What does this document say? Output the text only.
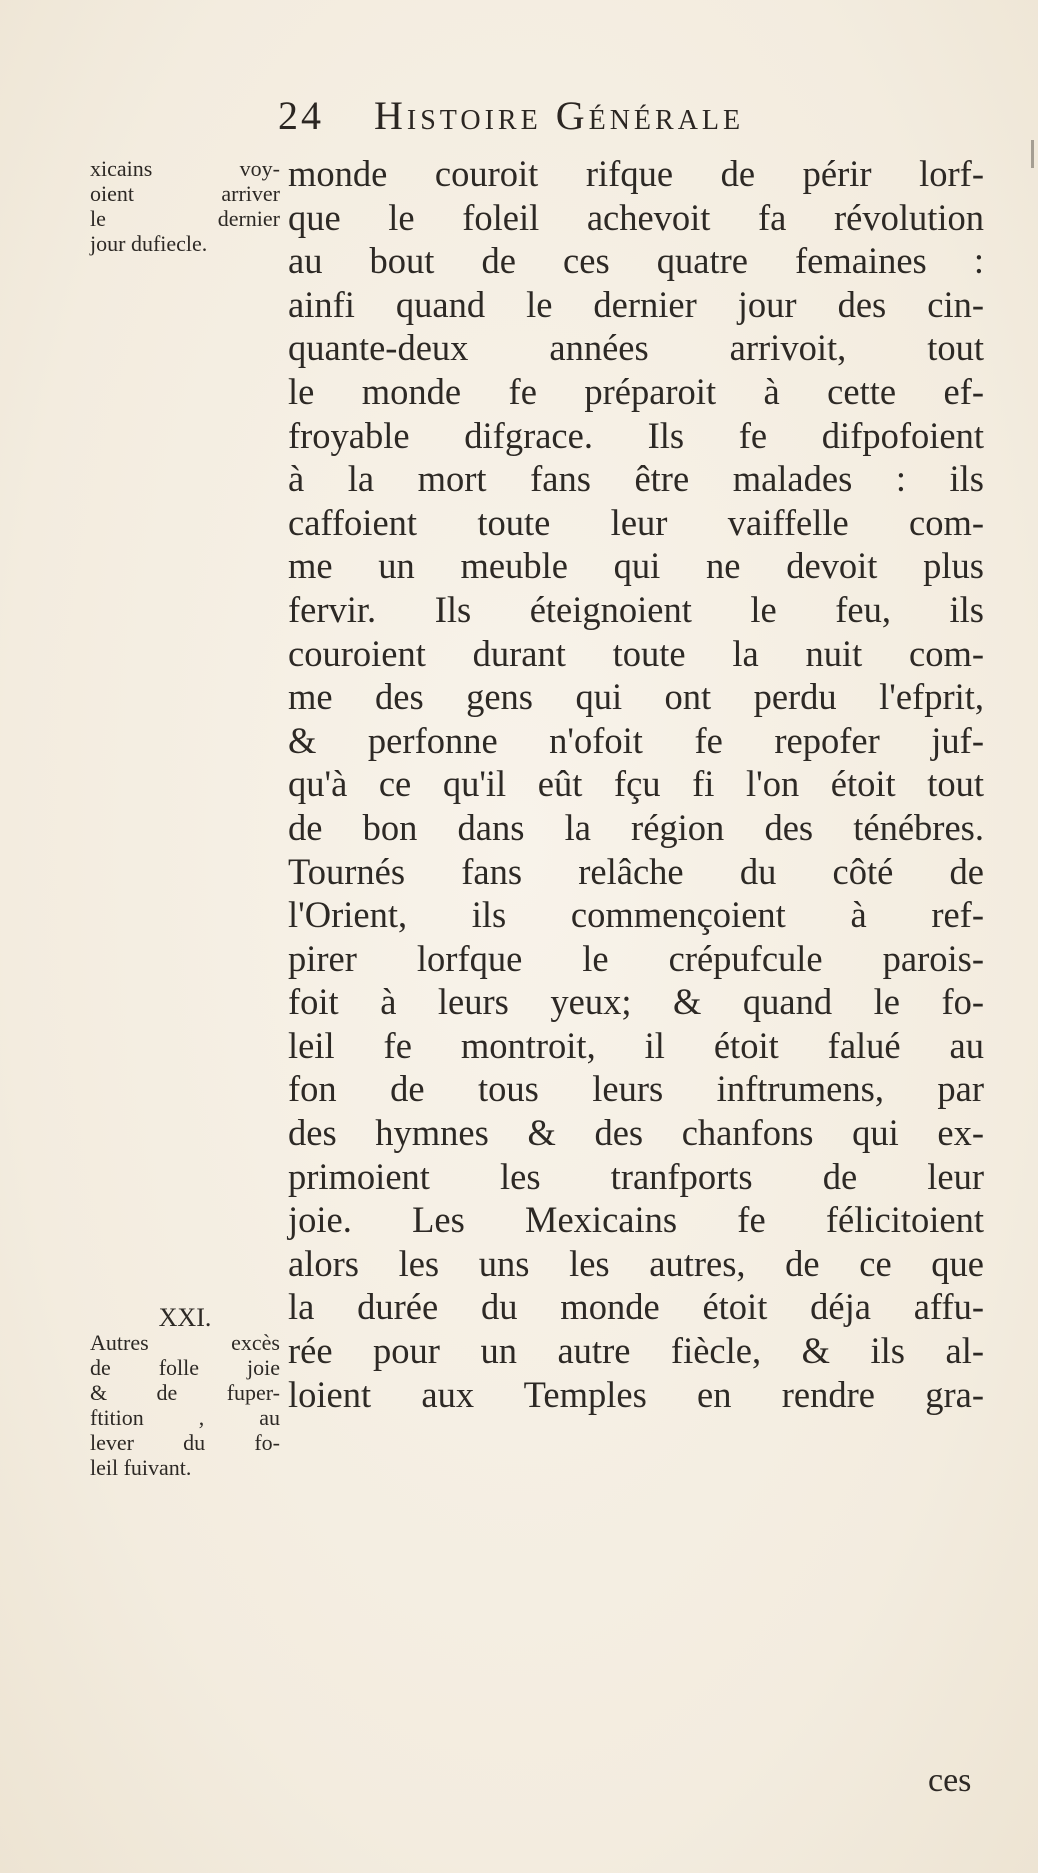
24 Histoire Générale
xicains voy-
oient arriver
le dernier
jour dufiecle.
XXI.
Autres excès
de folle joie
& de fuper-
ftition , au
lever du fo-
leil fuivant.
monde couroit rifque de périr lorf-
que le foleil achevoit fa révolution
au bout de ces quatre femaines :
ainfi quand le dernier jour des cin-
quante-deux années arrivoit, tout
le monde fe préparoit à cette ef-
froyable difgrace. Ils fe difpofoient
à la mort fans être malades : ils
caffoient toute leur vaiffelle com-
me un meuble qui ne devoit plus
fervir. Ils éteignoient le feu, ils
couroient durant toute la nuit com-
me des gens qui ont perdu l'efprit,
& perfonne n'ofoit fe repofer juf-
qu'à ce qu'il eût fçu fi l'on étoit tout
de bon dans la région des ténébres.
Tournés fans relâche du côté de
l'Orient, ils commençoient à ref-
pirer lorfque le crépufcule parois-
foit à leurs yeux; & quand le fo-
leil fe montroit, il étoit falué au
fon de tous leurs inftrumens, par
des hymnes & des chanfons qui ex-
primoient les tranfports de leur
joie. Les Mexicains fe félicitoient
alors les uns les autres, de ce que
la durée du monde étoit déja affu-
rée pour un autre fiècle, & ils al-
loient aux Temples en rendre gra-
ces
